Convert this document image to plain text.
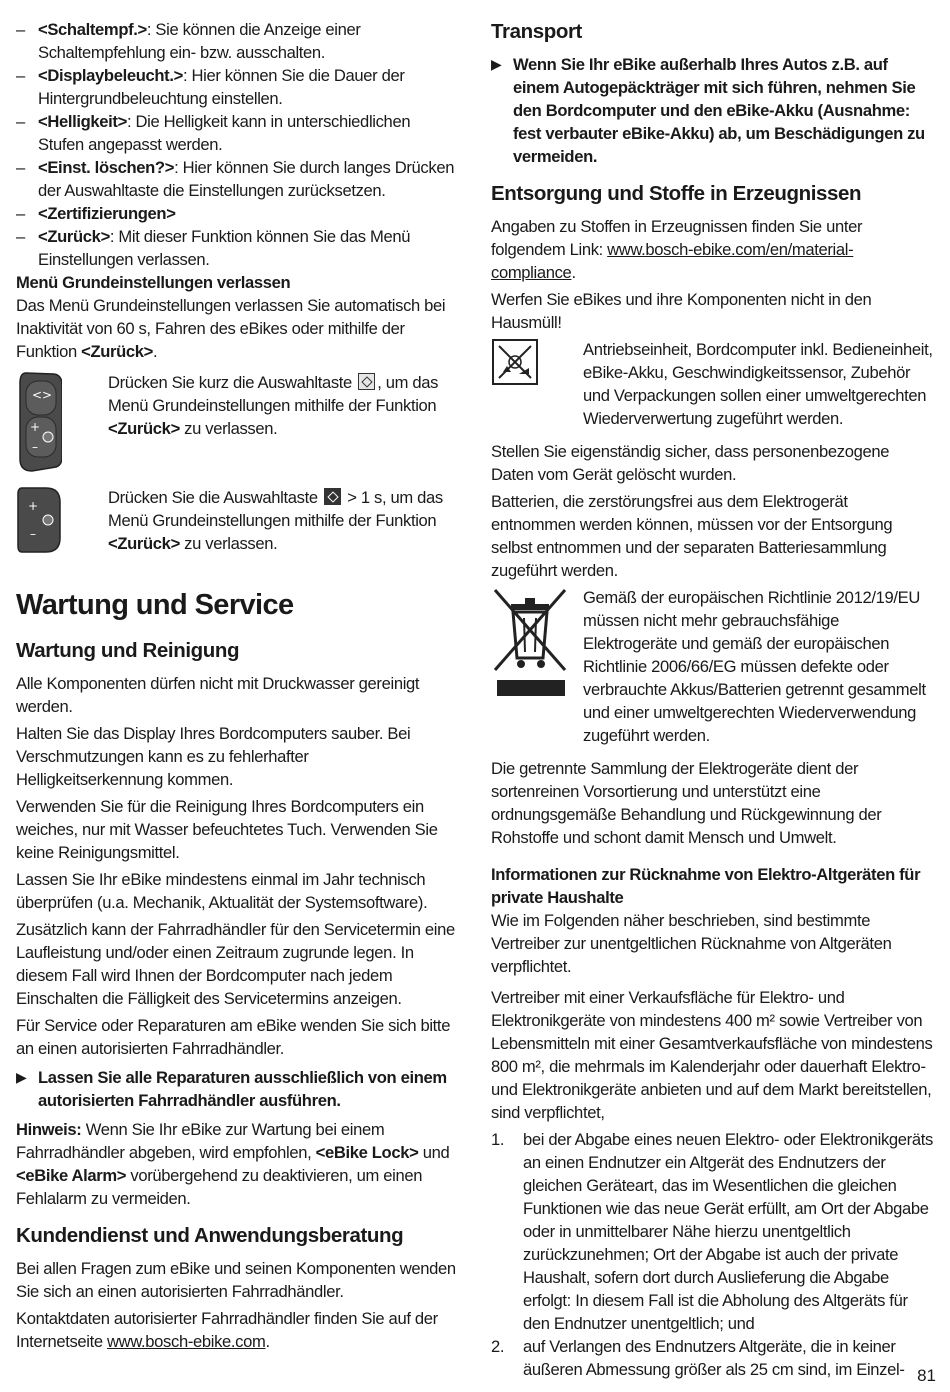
– <Schaltempf.>: Sie können die Anzeige einer Schaltempfehlung ein- bzw. ausschalten.
– <Displaybeleucht.>: Hier können Sie die Dauer der Hintergrundbeleuchtung einstellen.
– <Helligkeit>: Die Helligkeit kann in unterschiedlichen Stufen angepasst werden.
– <Einst. löschen?>: Hier können Sie durch langes Drücken der Auswahltaste die Einstellungen zurücksetzen.
– <Zertifizierungen>
– <Zurück>: Mit dieser Funktion können Sie das Menü Einstellungen verlassen.
Menü Grundeinstellungen verlassen

Das Menü Grundeinstellungen verlassen Sie automatisch bei Inaktivität von 60 s, Fahren des eBikes oder mithilfe der Funktion <Zurück>.

< >
+
–

Drücken Sie kurz die Auswahltaste , um das Menü Grundeinstellungen mithilfe der Funktion <Zurück> zu verlassen.

+
–

Drücken Sie die Auswahltaste  > 1 s, um das Menü Grundeinstellungen mithilfe der Funktion <Zurück> zu verlassen.

Wartung und Service
Wartung und Reinigung

Alle Komponenten dürfen nicht mit Druckwasser gereinigt werden.

Halten Sie das Display Ihres Bordcomputers sauber. Bei Verschmutzungen kann es zu fehlerhafter Helligkeitserkennung kommen.

Verwenden Sie für die Reinigung Ihres Bordcomputers ein weiches, nur mit Wasser befeuchtetes Tuch. Verwenden Sie keine Reinigungsmittel.

Lassen Sie Ihr eBike mindestens einmal im Jahr technisch überprüfen (u.a. Mechanik, Aktualität der Systemsoftware).

Zusätzlich kann der Fahrradhändler für den Servicetermin eine Laufleistung und/oder einen Zeitraum zugrunde legen. In diesem Fall wird Ihnen der Bordcomputer nach jedem Einschalten die Fälligkeit des Servicetermins anzeigen.

Für Service oder Reparaturen am eBike wenden Sie sich bitte an einen autorisierten Fahrradhändler.

▶ Lassen Sie alle Reparaturen ausschließlich von einem autorisierten Fahrradhändler ausführen.

Hinweis: Wenn Sie Ihr eBike zur Wartung bei einem Fahrradhändler abgeben, wird empfohlen, <eBike Lock> und <eBike Alarm> vorübergehend zu deaktivieren, um einen Fehlalarm zu vermeiden.

Kundendienst und Anwendungsberatung

Bei allen Fragen zum eBike und seinen Komponenten wenden Sie sich an einen autorisierten Fahrradhändler.

Kontaktdaten autorisierter Fahrradhändler finden Sie auf der Internetseite www.bosch-ebike.com.

Transport
▶ Wenn Sie Ihr eBike außerhalb Ihres Autos z.B. auf einem Autogepäckträger mit sich führen, nehmen Sie den Bordcomputer und den eBike-Akku (Ausnahme: fest verbauter eBike-Akku) ab, um Beschädigungen zu vermeiden.
Entsorgung und Stoffe in Erzeugnissen

Angaben zu Stoffen in Erzeugnissen finden Sie unter folgendem Link: www.bosch-ebike.com/en/material-compliance.

Werfen Sie eBikes und ihre Komponenten nicht in den Hausmüll!

Antriebseinheit, Bordcomputer inkl. Bedieneinheit, eBike-Akku, Geschwindigkeitssensor, Zubehör und Verpackungen sollen einer umweltgerechten Wiederverwertung zugeführt werden.

Stellen Sie eigenständig sicher, dass personenbezogene Daten vom Gerät gelöscht wurden.

Batterien, die zerstörungsfrei aus dem Elektrogerät entnommen werden können, müssen vor der Entsorgung selbst entnommen und der separaten Batteriesammlung zugeführt werden.

Gemäß der europäischen Richtlinie 2012/19/EU müssen nicht mehr gebrauchsfähige Elektrogeräte und gemäß der europäischen Richtlinie 2006/66/EG müssen defekte oder verbrauchte Akkus/Batterien getrennt gesammelt und einer umweltgerechten Wiederverwendung zugeführt werden.

Die getrennte Sammlung der Elektrogeräte dient der sortenreinen Vorsortierung und unterstützt eine ordnungsgemäße Behandlung und Rückgewinnung der Rohstoffe und schont damit Mensch und Umwelt.

Informationen zur Rücknahme von Elektro-Altgeräten für private Haushalte

Wie im Folgenden näher beschrieben, sind bestimmte Vertreiber zur unentgeltlichen Rücknahme von Altgeräten verpflichtet.

Vertreiber mit einer Verkaufsfläche für Elektro- und Elektronikgeräte von mindestens 400 m² sowie Vertreiber von Lebensmitteln mit einer Gesamtverkaufsfläche von mindestens 800 m², die mehrmals im Kalenderjahr oder dauerhaft Elektro- und Elektronikgeräte anbieten und auf dem Markt bereitstellen, sind verpflichtet,

1. bei der Abgabe eines neuen Elektro- oder Elektronikgeräts an einen Endnutzer ein Altgerät des Endnutzers der gleichen Geräteart, das im Wesentlichen die gleichen Funktionen wie das neue Gerät erfüllt, am Ort der Abgabe oder in unmittelbarer Nähe hierzu unentgeltlich zurückzunehmen; Ort der Abgabe ist auch der private Haushalt, sofern dort durch Auslieferung die Abgabe erfolgt: In diesem Fall ist die Abholung des Altgeräts für den Endnutzer unentgeltlich; und
2. auf Verlangen des Endnutzers Altgeräte, die in keiner äußeren Abmessung größer als 25 cm sind, im Einzel- 81
